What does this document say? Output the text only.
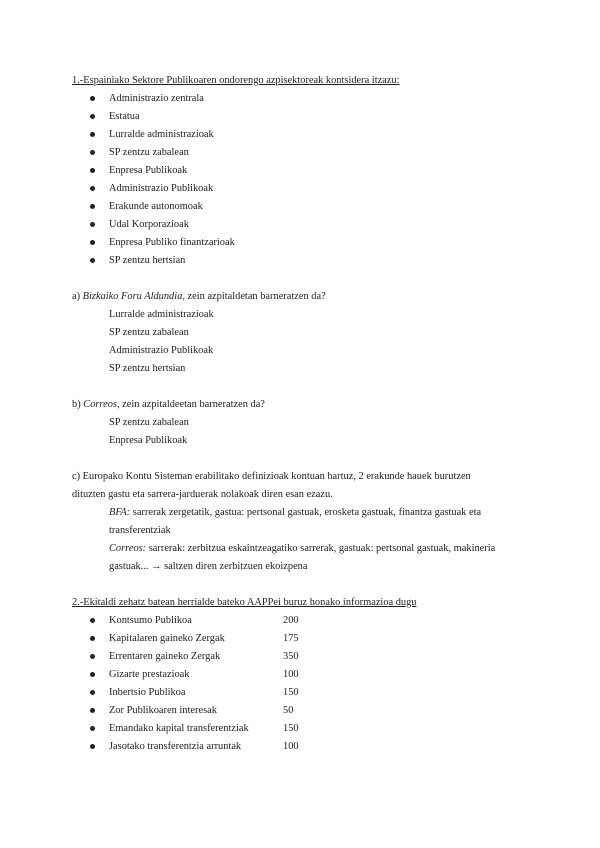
1.-Espainiako Sektore Publikoaren ondorengo azpisektoreak kontsidera itzazu:

Administrazio zentrala
Estatua
Lurralde administrazioak
SP zentzu zabalean
Enpresa Publikoak
Administrazio Publikoak
Erakunde autonomoak
Udal Korporazioak
Enpresa Publiko finantzarioak
SP zentzu hertsian

a) Bizkaiko Foru Aldundia, zein azpitaldetan barneratzen da?

Lurralde administrazioak

SP zentzu zabalean

Administrazio Publikoak

SP zentzu hertsian

b) Correos, zein azpitaldeetan barneratzen da?

SP zentzu zabalean

Enpresa Publikoak

c) Europako Kontu Sisteman erabilitako definizioak kontuan hartuz, 2 erakunde hauek burutzen

dituzten gastu eta sarrera-jarduerak nolakoak diren esan ezazu.

BFA: sarrerak zergetatik, gastua: pertsonal gastuak, erosketa gastuak, finantza gastuak eta

transferentziak

Correos: sarrerak: zerbitzua eskaintzeagatiko sarrerak, gastuak: pertsonal gastuak, makineria

gastuak... → saltzen diren zerbitzuen ekoizpena

2.-Ekitaldi zehatz batean herrialde bateko AAPPei buruz honako informazioa dugu

Kontsumo Publikoa	200
Kapitalaren gaineko Zergak	175
Errentaren gaineko Zergak	350
Gizarte prestazioak	100
Inbertsio Publikoa	150
Zor Publikoaren interesak	50
Emandako kapital transferentziak	150
Jasotako transferentzia arruntak	100
